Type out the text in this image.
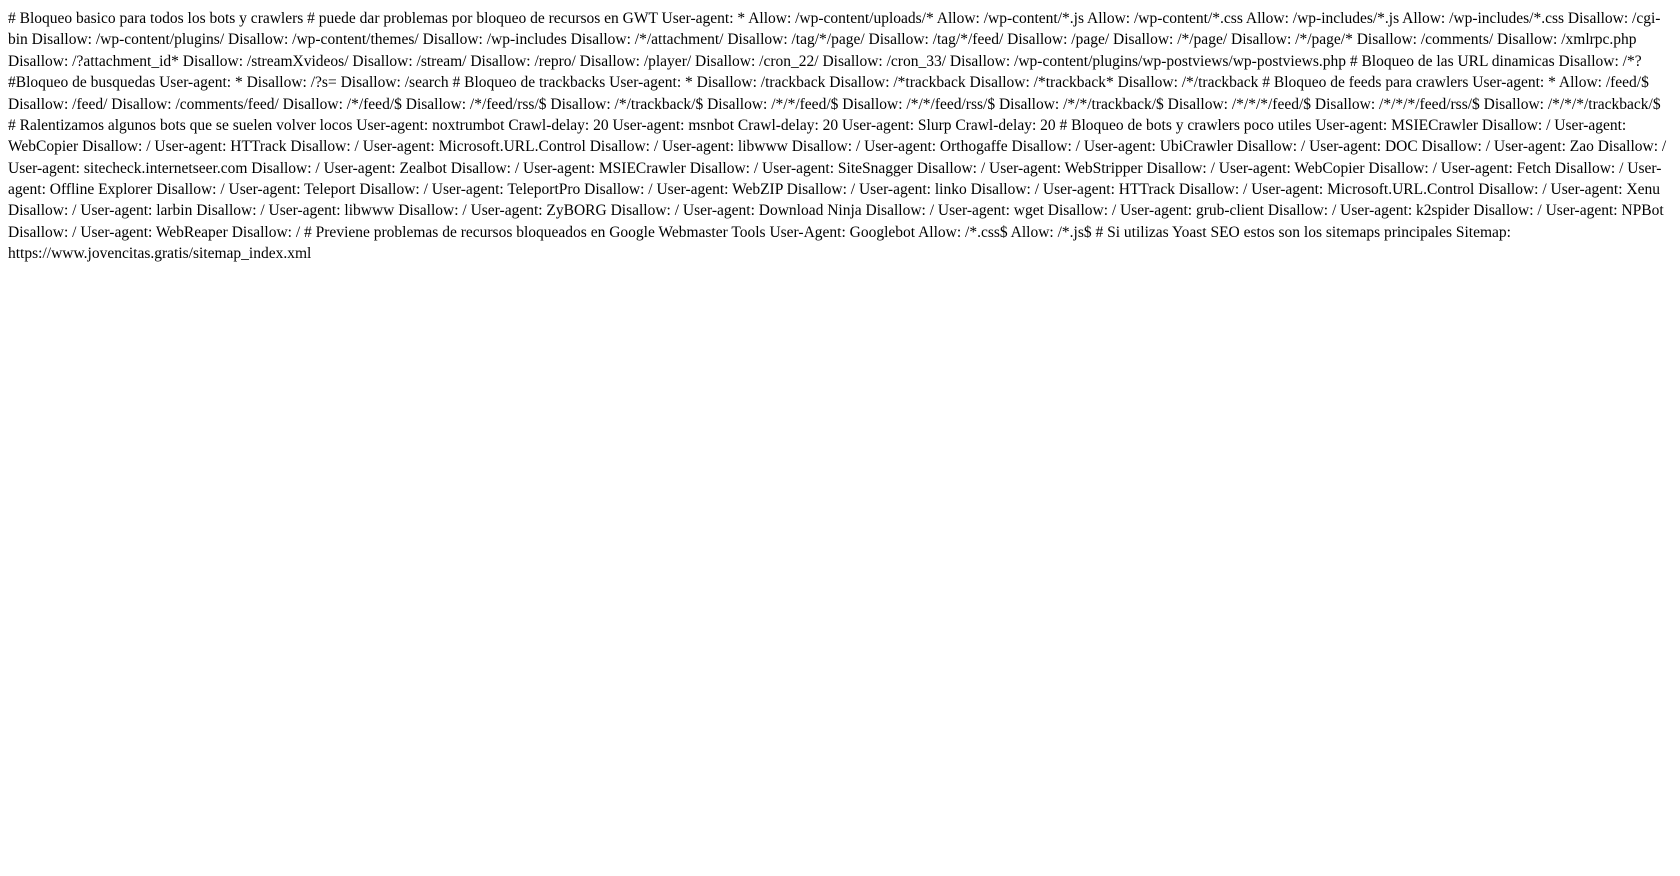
# Bloqueo basico para todos los bots y crawlers # puede dar problemas por bloqueo de recursos en GWT User-agent: * Allow: /wp-content/uploads/* Allow: /wp-content/*.js Allow: /wp-content/*.css Allow: /wp-includes/*.js Allow: /wp-includes/*.css Disallow: /cgi-bin Disallow: /wp-content/plugins/ Disallow: /wp-content/themes/ Disallow: /wp-includes Disallow: /*/attachment/ Disallow: /tag/*/page/ Disallow: /tag/*/feed/ Disallow: /page/ Disallow: /*/page/ Disallow: /*/page/* Disallow: /comments/ Disallow: /xmlrpc.php Disallow: /?attachment_id* Disallow: /streamXvideos/ Disallow: /stream/ Disallow: /repro/ Disallow: /player/ Disallow: /cron_22/ Disallow: /cron_33/ Disallow: /wp-content/plugins/wp-postviews/wp-postviews.php # Bloqueo de las URL dinamicas Disallow: /*? #Bloqueo de busquedas User-agent: * Disallow: /?s= Disallow: /search # Bloqueo de trackbacks User-agent: * Disallow: /trackback Disallow: /*trackback Disallow: /*trackback* Disallow: /*/trackback # Bloqueo de feeds para crawlers User-agent: * Allow: /feed/$ Disallow: /feed/ Disallow: /comments/feed/ Disallow: /*/feed/$ Disallow: /*/feed/rss/$ Disallow: /*/trackback/$ Disallow: /*/*/feed/$ Disallow: /*/*/feed/rss/$ Disallow: /*/*/trackback/$ Disallow: /*/*/*/feed/$ Disallow: /*/*/*/feed/rss/$ Disallow: /*/*/*/trackback/$ # Ralentizamos algunos bots que se suelen volver locos User-agent: noxtrumbot Crawl-delay: 20 User-agent: msnbot Crawl-delay: 20 User-agent: Slurp Crawl-delay: 20 # Bloqueo de bots y crawlers poco utiles User-agent: MSIECrawler Disallow: / User-agent: WebCopier Disallow: / User-agent: HTTrack Disallow: / User-agent: Microsoft.URL.Control Disallow: / User-agent: libwww Disallow: / User-agent: Orthogaffe Disallow: / User-agent: UbiCrawler Disallow: / User-agent: DOC Disallow: / User-agent: Zao Disallow: / User-agent: sitecheck.internetseer.com Disallow: / User-agent: Zealbot Disallow: / User-agent: MSIECrawler Disallow: / User-agent: SiteSnagger Disallow: / User-agent: WebStripper Disallow: / User-agent: WebCopier Disallow: / User-agent: Fetch Disallow: / User-agent: Offline Explorer Disallow: / User-agent: Teleport Disallow: / User-agent: TeleportPro Disallow: / User-agent: WebZIP Disallow: / User-agent: linko Disallow: / User-agent: HTTrack Disallow: / User-agent: Microsoft.URL.Control Disallow: / User-agent: Xenu Disallow: / User-agent: larbin Disallow: / User-agent: libwww Disallow: / User-agent: ZyBORG Disallow: / User-agent: Download Ninja Disallow: / User-agent: wget Disallow: / User-agent: grub-client Disallow: / User-agent: k2spider Disallow: / User-agent: NPBot Disallow: / User-agent: WebReaper Disallow: / # Previene problemas de recursos bloqueados en Google Webmaster Tools User-Agent: Googlebot Allow: /*.css$ Allow: /*.js$ # Si utilizas Yoast SEO estos son los sitemaps principales Sitemap: https://www.jovencitas.gratis/sitemap_index.xml
